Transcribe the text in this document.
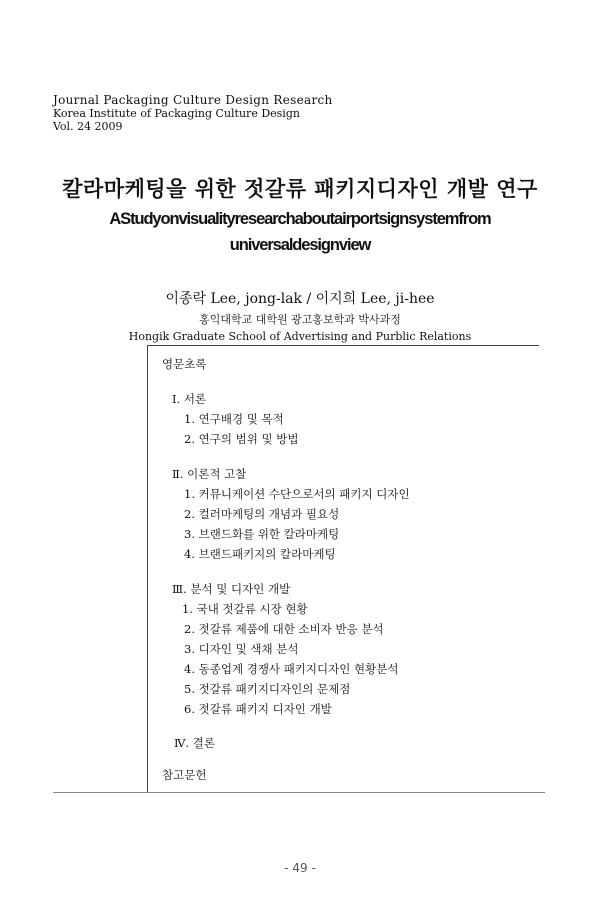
Journal Packaging Culture Design Research
Korea Institute of Packaging Culture Design
Vol. 24 2009
칼라마케팅을 위한 젓갈류 패키지디자인 개발 연구
AStudyonvisualityresearchaboutairportsignsystemfrom
universaldesignview
이종락 Lee, jong-lak / 이지희 Lee, ji-hee
홍익대학교 대학원 광고홍보학과 박사과정
Hongik Graduate School of Advertising and Purblic Relations
영문초록
Ⅰ. 서론
1. 연구배경 및 목적
2. 연구의 범위 및 방법
Ⅱ. 이론적 고찰
1. 커뮤니케이션 수단으로서의 패키지 디자인
2. 컬러마케팅의 개념과 필요성
3. 브랜드화를 위한 칼라마케팅
4. 브랜드패키지의 칼라마케팅
Ⅲ. 분석 및 디자인 개발
1. 국내 젓갈류 시장 현황
2. 젓갈류 제품에 대한 소비자 반응 분석
3. 디자인 및 색채 분석
4. 동종업계 경쟁사 패키지디자인 현황분석
5. 젓갈류 패키지디자인의 문제점
6. 젓갈류 패키지 디자인 개발
Ⅳ. 결론
참고문헌
- 49 -
